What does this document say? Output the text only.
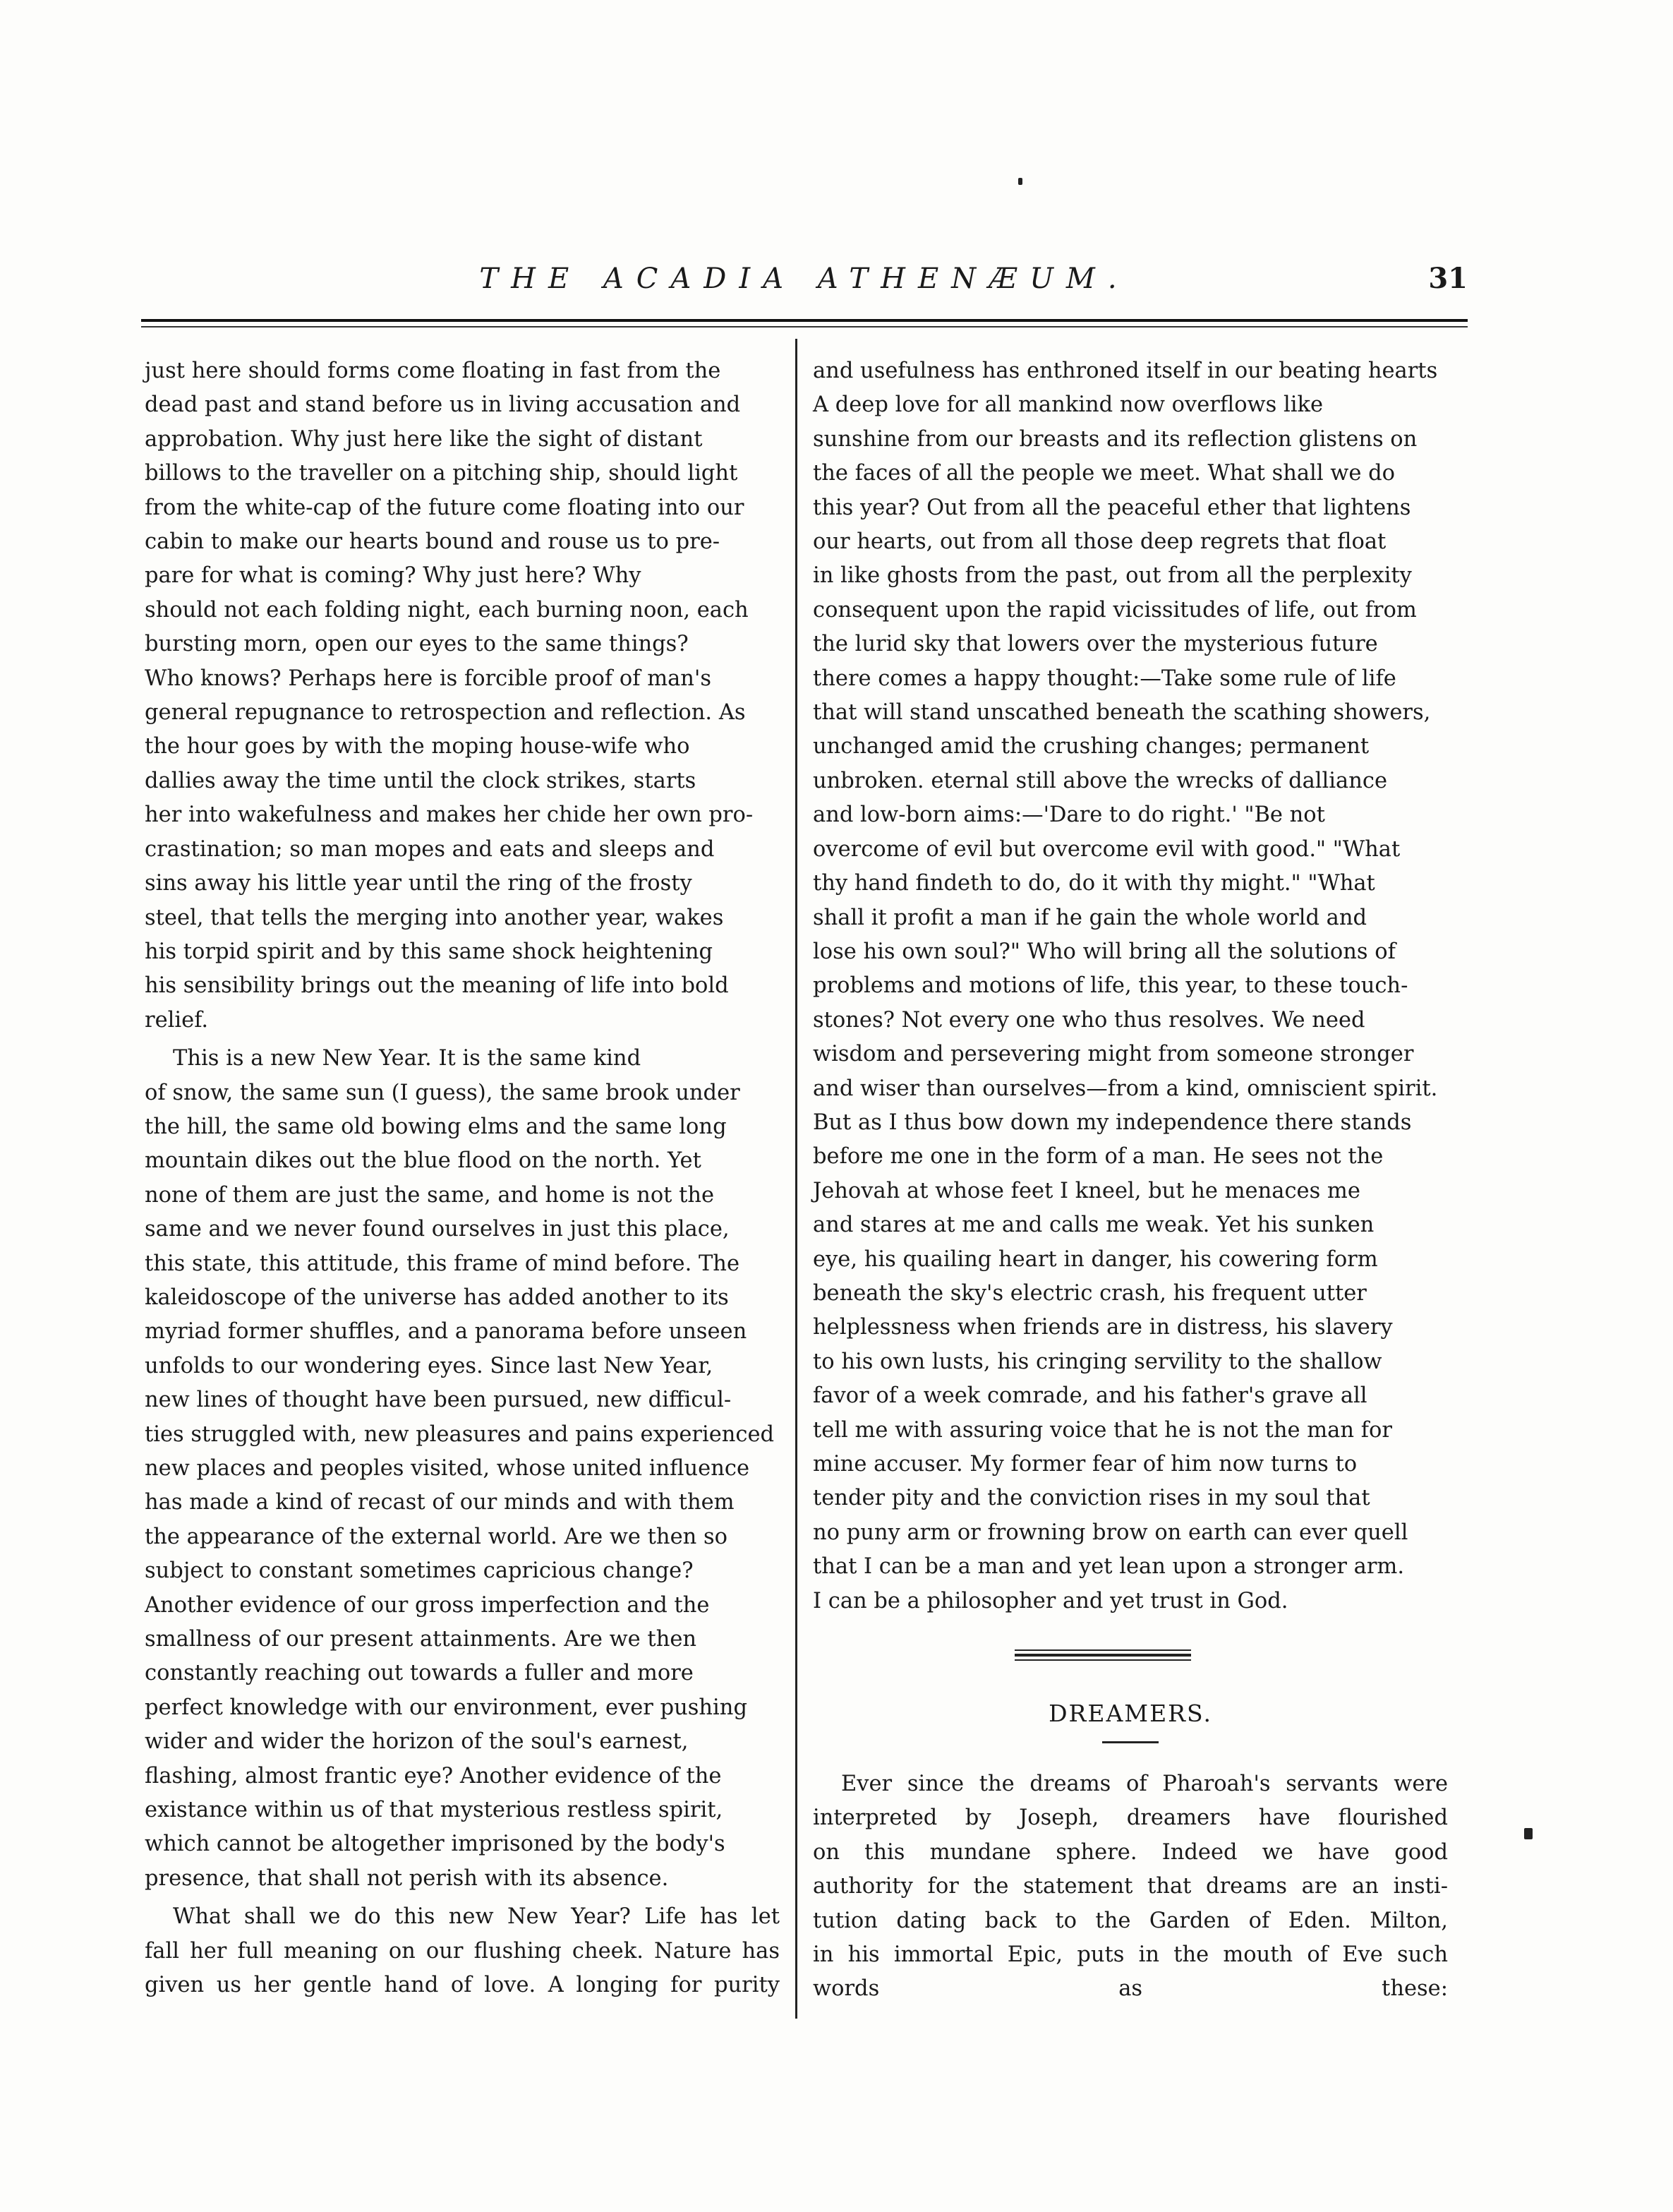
THE ACADIA ATHENÆUM.	31

just here should forms come floating in fast from the
dead past and stand before us in living accusation and
approbation. Why just here like the sight of distant
billows to the traveller on a pitching ship, should light
from the white-cap of the future come floating into our
cabin to make our hearts bound and rouse us to pre-
pare for what is coming? Why just here? Why
should not each folding night, each burning noon, each
bursting morn, open our eyes to the same things?
Who knows? Perhaps here is forcible proof of man's
general repugnance to retrospection and reflection. As
the hour goes by with the moping house-wife who
dallies away the time until the clock strikes, starts
her into wakefulness and makes her chide her own pro-
crastination; so man mopes and eats and sleeps and
sins away his little year until the ring of the frosty
steel, that tells the merging into another year, wakes
his torpid spirit and by this same shock heightening
his sensibility brings out the meaning of life into bold
relief.

This is a new New Year. It is the same kind
of snow, the same sun (I guess), the same brook under
the hill, the same old bowing elms and the same long
mountain dikes out the blue flood on the north. Yet
none of them are just the same, and home is not the
same and we never found ourselves in just this place,
this state, this attitude, this frame of mind before. The
kaleidoscope of the universe has added another to its
myriad former shuffles, and a panorama before unseen
unfolds to our wondering eyes. Since last New Year,
new lines of thought have been pursued, new difficul-
ties struggled with, new pleasures and pains experienced
new places and peoples visited, whose united influence
has made a kind of recast of our minds and with them
the appearance of the external world. Are we then so
subject to constant sometimes capricious change?
Another evidence of our gross imperfection and the
smallness of our present attainments. Are we then
constantly reaching out towards a fuller and more
perfect knowledge with our environment, ever pushing
wider and wider the horizon of the soul's earnest,
flashing, almost frantic eye? Another evidence of the
existance within us of that mysterious restless spirit,
which cannot be altogether imprisoned by the body's
presence, that shall not perish with its absence.

What shall we do this new New Year? Life has let
fall her full meaning on our flushing cheek. Nature has
given us her gentle hand of love. A longing for purity

and usefulness has enthroned itself in our beating hearts
A deep love for all mankind now overflows like
sunshine from our breasts and its reflection glistens on
the faces of all the people we meet. What shall we do
this year? Out from all the peaceful ether that lightens
our hearts, out from all those deep regrets that float
in like ghosts from the past, out from all the perplexity
consequent upon the rapid vicissitudes of life, out from
the lurid sky that lowers over the mysterious future
there comes a happy thought:—Take some rule of life
that will stand unscathed beneath the scathing showers,
unchanged amid the crushing changes; permanent
unbroken. eternal still above the wrecks of dalliance
and low-born aims:—'Dare to do right.' "Be not
overcome of evil but overcome evil with good." "What
thy hand findeth to do, do it with thy might." "What
shall it profit a man if he gain the whole world and
lose his own soul?" Who will bring all the solutions of
problems and motions of life, this year, to these touch-
stones? Not every one who thus resolves. We need
wisdom and persevering might from someone stronger
and wiser than ourselves—from a kind, omniscient spirit.
But as I thus bow down my independence there stands
before me one in the form of a man. He sees not the
Jehovah at whose feet I kneel, but he menaces me
and stares at me and calls me weak. Yet his sunken
eye, his quailing heart in danger, his cowering form
beneath the sky's electric crash, his frequent utter
helplessness when friends are in distress, his slavery
to his own lusts, his cringing servility to the shallow
favor of a week comrade, and his father's grave all
tell me with assuring voice that he is not the man for
mine accuser. My former fear of him now turns to
tender pity and the conviction rises in my soul that
no puny arm or frowning brow on earth can ever quell
that I can be a man and yet lean upon a stronger arm.
I can be a philosopher and yet trust in God.

DREAMERS.

Ever since the dreams of Pharoah's servants were
interpreted by Joseph, dreamers have flourished
on this mundane sphere. Indeed we have good
authority for the statement that dreams are an insti-
tution dating back to the Garden of Eden. Milton,
in his immortal Epic, puts in the mouth of Eve such
words as these:
